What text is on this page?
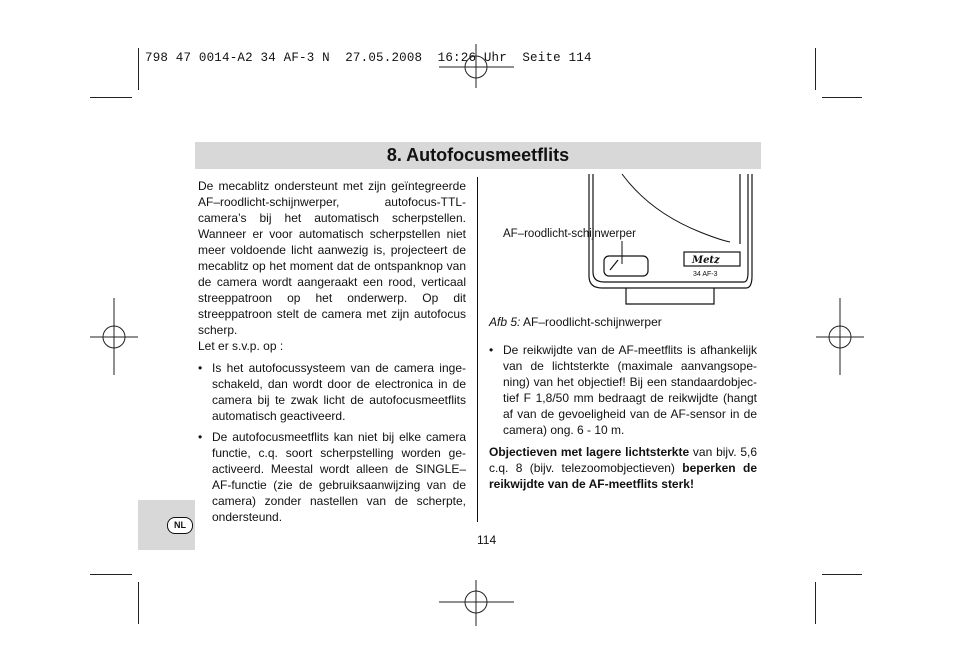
798 47 0014-A2 34 AF-3 N  27.05.2008  16:26 Uhr  Seite 114
8. Autofocusmeetflits
NL

De mecablitz ondersteunt met zijn geïntegreerde AF–roodlicht-schijnwerper, autofocus-TTL-camera’s bij het automatisch scherpstellen. Wanneer er voor automatisch scherpstellen niet meer voldoende licht aanwezig is, projecteert de mecablitz op het moment dat de ontspanknop van de camera wordt aangeraakt een rood, verticaal streeppatroon op het onderwerp. Op dit streeppatroon stelt de camera met zijn autofocus scherp.

Let er s.v.p. op :

• Is het autofocussysteem van de camera inge-schakeld, dan wordt door de electronica in de camera bij te zwak licht de autofocusmeetflits automatisch geactiveerd.
• De autofocusmeetflits kan niet bij elke camera functie, c.q. soort scherpstelling worden ge-activeerd. Meestal wordt alleen de SINGLE–AF-functie (zie de gebruiksaanwijzing van de camera) zonder nastellen van de scherpte, ondersteund.
Metz
34 AF-3
AF–roodlicht-schijnwerper

Afb 5: AF–roodlicht-schijnwerper

• De reikwijdte van de AF-meetflits is afhankelijk van de lichtsterkte (maximale aanvangsope-ning) van het objectief! Bij een standaardobjec-tief F 1,8/50 mm bedraagt de reikwijdte (hangt af van de gevoeligheid van de AF-sensor in de camera) ong. 6 - 10 m.

Objectieven met lagere lichtsterkte van bijv. 5,6 c.q. 8 (bijv. telezoomobjectieven) beperken de reikwijdte van de AF-meetflits sterk!

114
